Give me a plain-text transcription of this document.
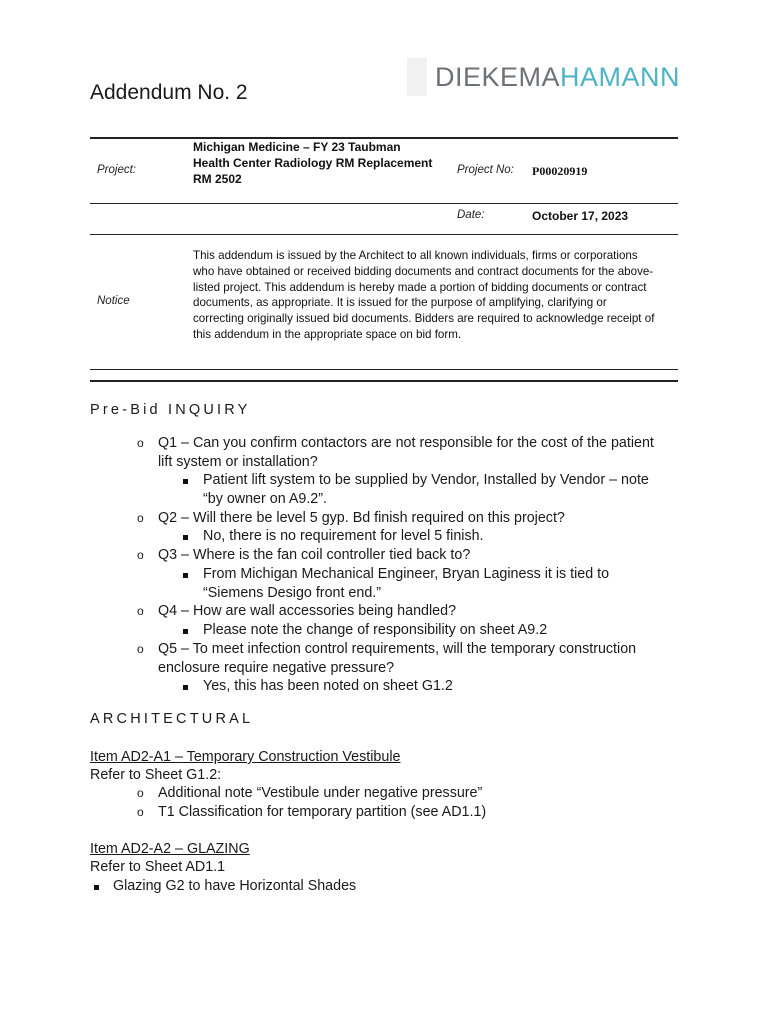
DIEKEMAHAMANN
Addendum No. 2
Project:
Michigan Medicine – FY 23 Taubman
Health Center Radiology RM Replacement
RM 2502
Project No: P00020919
Date:	October 17, 2023
Notice
This addendum is issued by the Architect to all known individuals, firms or corporations
who have obtained or received bidding documents and contract documents for the above-
listed project. This addendum is hereby made a portion of bidding documents or contract
documents, as appropriate. It is issued for the purpose of amplifying, clarifying or
correcting originally issued bid documents. Bidders are required to acknowledge receipt of
this addendum in the appropriate space on bid form.
Pre-Bid INQUIRY
o Q1 – Can you confirm contactors are not responsible for the cost of the patient
lift system or installation?
Patient lift system to be supplied by Vendor, Installed by Vendor – note
“by owner on A9.2”.
o Q2 – Will there be level 5 gyp. Bd finish required on this project?
No, there is no requirement for level 5 finish.
o Q3 – Where is the fan coil controller tied back to?
From Michigan Mechanical Engineer, Bryan Laginess it is tied to
“Siemens Desigo front end.”
o Q4 – How are wall accessories being handled?
Please note the change of responsibility on sheet A9.2
o Q5 – To meet infection control requirements, will the temporary construction
enclosure require negative pressure?
Yes, this has been noted on sheet G1.2
ARCHITECTURAL
Item AD2-A1 – Temporary Construction Vestibule
Refer to Sheet G1.2:
o Additional note “Vestibule under negative pressure”
o T1 Classification for temporary partition (see AD1.1)
Item AD2-A2 – GLAZING
Refer to Sheet AD1.1
Glazing G2 to have Horizontal Shades
